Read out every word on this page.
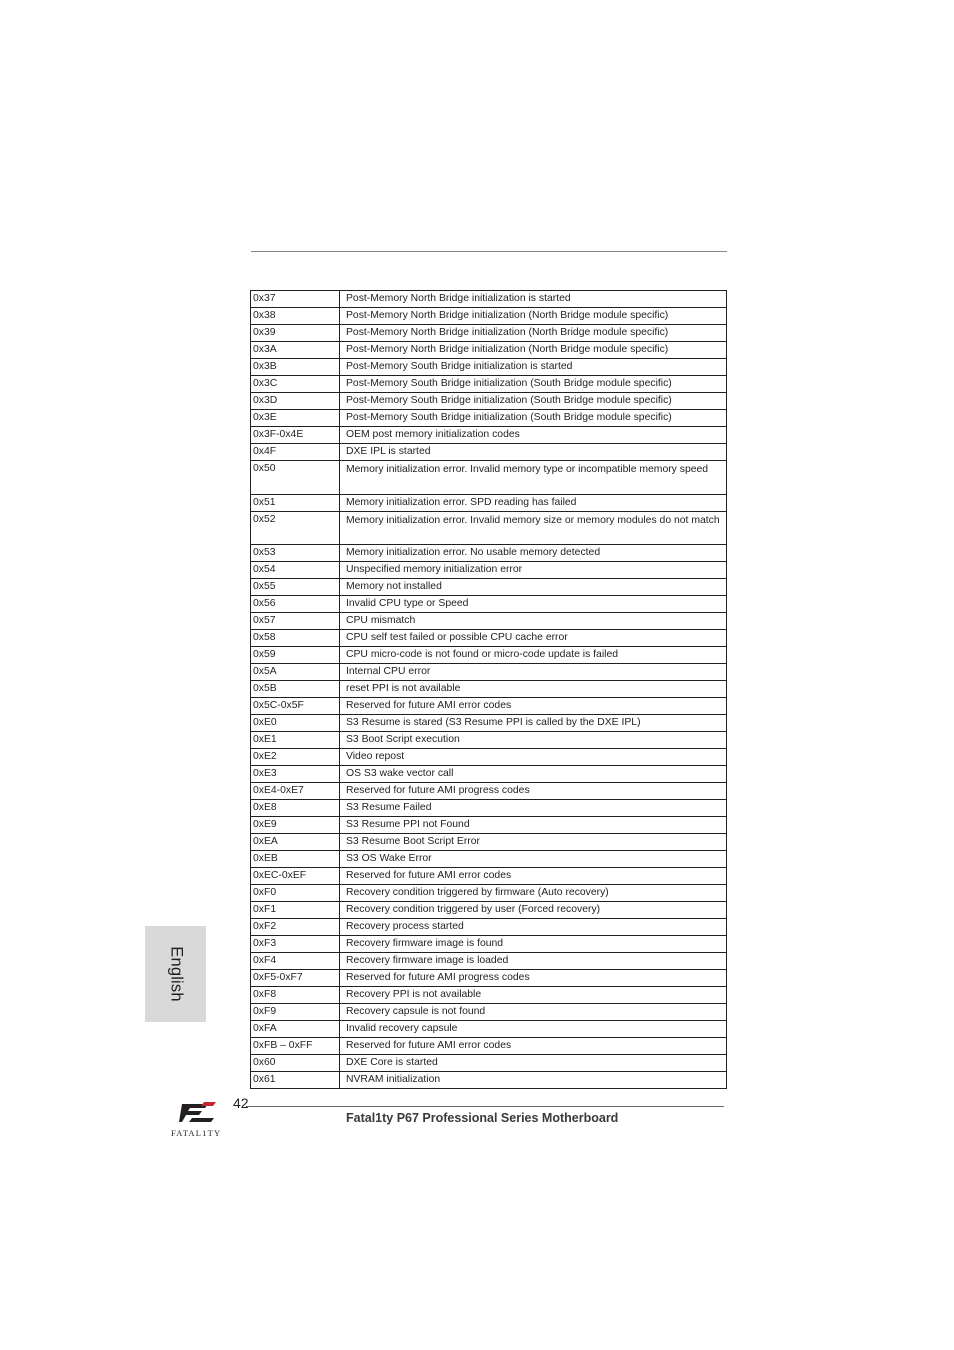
0x37	Post-Memory North Bridge initialization is started
0x38	Post-Memory North Bridge initialization (North Bridge module specific)
0x39	Post-Memory North Bridge initialization (North Bridge module specific)
0x3A	Post-Memory North Bridge initialization (North Bridge module specific)
0x3B	Post-Memory South Bridge initialization is started
0x3C	Post-Memory South Bridge initialization (South Bridge module specific)
0x3D	Post-Memory South Bridge initialization (South Bridge module specific)
0x3E	Post-Memory South Bridge initialization (South Bridge module specific)
0x3F-0x4E	OEM post memory initialization codes
0x4F	DXE IPL is started
0x50	Memory initialization error. Invalid memory type or incompatible memory speed
0x51	Memory initialization error. SPD reading has failed
0x52	Memory initialization error. Invalid memory size or memory modules do not match
0x53	Memory initialization error. No usable memory detected
0x54	Unspecified memory initialization error
0x55	Memory not installed
0x56	Invalid CPU type or Speed
0x57	CPU mismatch
0x58	CPU self test failed or possible CPU cache error
0x59	CPU micro-code is not found or micro-code update is failed
0x5A	Internal CPU error
0x5B	reset PPI is not available
0x5C-0x5F	Reserved for future AMI error codes
0xE0	S3 Resume is stared (S3 Resume PPI is called by the DXE IPL)
0xE1	S3 Boot Script execution
0xE2	Video repost
0xE3	OS S3 wake vector call
0xE4-0xE7	Reserved for future AMI progress codes
0xE8	S3 Resume Failed
0xE9	S3 Resume PPI not Found
0xEA	S3 Resume Boot Script Error
0xEB	S3 OS Wake Error
0xEC-0xEF	Reserved for future AMI error codes
0xF0	Recovery condition triggered by firmware (Auto recovery)
0xF1	Recovery condition triggered by user (Forced recovery)
0xF2	Recovery process started
0xF3	Recovery firmware image is found
0xF4	Recovery firmware image is loaded
0xF5-0xF7	Reserved for future AMI progress codes
0xF8	Recovery PPI is not available
0xF9	Recovery capsule is not found
0xFA	Invalid recovery capsule
0xFB – 0xFF	Reserved for future AMI error codes
0x60	DXE Core is started
0x61	NVRAM initialization
English
42
Fatal1ty P67 Professional Series Motherboard
FATAL1TY
